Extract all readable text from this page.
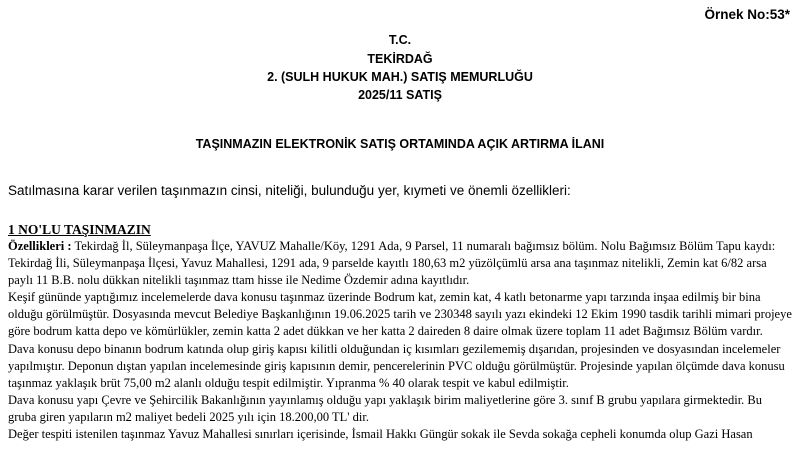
Örnek No:53*
T.C.
TEKİRDAĞ
2. (SULH HUKUK MAH.) SATIŞ MEMURLUĞU
2025/11 SATIŞ
TAŞINMAZIN ELEKTRONİK SATIŞ ORTAMINDA AÇIK ARTIRMA İLANI
Satılmasına karar verilen taşınmazın cinsi, niteliği, bulunduğu yer, kıymeti ve önemli özellikleri:

1 NO'LU TAŞINMAZIN

Özellikleri : Tekirdağ İl, Süleymanpaşa İlçe, YAVUZ Mahalle/Köy, 1291 Ada, 9 Parsel, 11 numaralı bağımsız bölüm. Nolu Bağımsız Bölüm Tapu kaydı: Tekirdağ İli, Süleymanpaşa İlçesi, Yavuz Mahallesi, 1291 ada, 9 parselde kayıtlı 180,63 m2 yüzölçümlü arsa ana taşınmaz nitelikli, Zemin kat 6/82 arsa paylı 11 B.B. nolu dükkan nitelikli taşınmaz ttam hisse ile Nedime Özdemir adına kayıtlıdır.

Keşif gününde yaptığımız incelemelerde dava konusu taşınmaz üzerinde Bodrum kat, zemin kat, 4 katlı betonarme yapı tarzında inşaa edilmiş bir bina olduğu görülmüştür. Dosyasında mevcut Belediye Başkanlığının 19.06.2025 tarih ve 230348 sayılı yazı ekindeki 12 Ekim 1990 tasdik tarihli mimari projeye göre bodrum katta depo ve kömürlükler, zemin katta 2 adet dükkan ve her katta 2 daireden 8 daire olmak üzere toplam 11 adet Bağımsız Bölüm vardır. Dava konusu depo binanın bodrum katında olup giriş kapısı kilitli olduğundan iç kısımları gezilememiş dışarıdan, projesinden ve dosyasından incelemeler yapılmıştır. Deponun dıştan yapılan incelemesinde giriş kapısının demir, pencerelerinin PVC olduğu görülmüştür. Projesinde yapılan ölçümde dava konusu taşınmaz yaklaşık brüt 75,00 m2 alanlı olduğu tespit edilmiştir. Yıpranma % 40 olarak tespit ve kabul edilmiştir.

Dava konusu yapı Çevre ve Şehircilik Bakanlığının yayınlamış olduğu yapı yaklaşık birim maliyetlerine göre 3. sınıf B grubu yapılara girmektedir. Bu gruba giren yapıların m2 maliyet bedeli 2025 yılı için 18.200,00 TL' dir.

Değer tespiti istenilen taşınmaz Yavuz Mahallesi sınırları içerisinde, İsmail Hakkı Güngür sokak ile Sevda sokağa cepheli konumda olup Gazi Hasan
